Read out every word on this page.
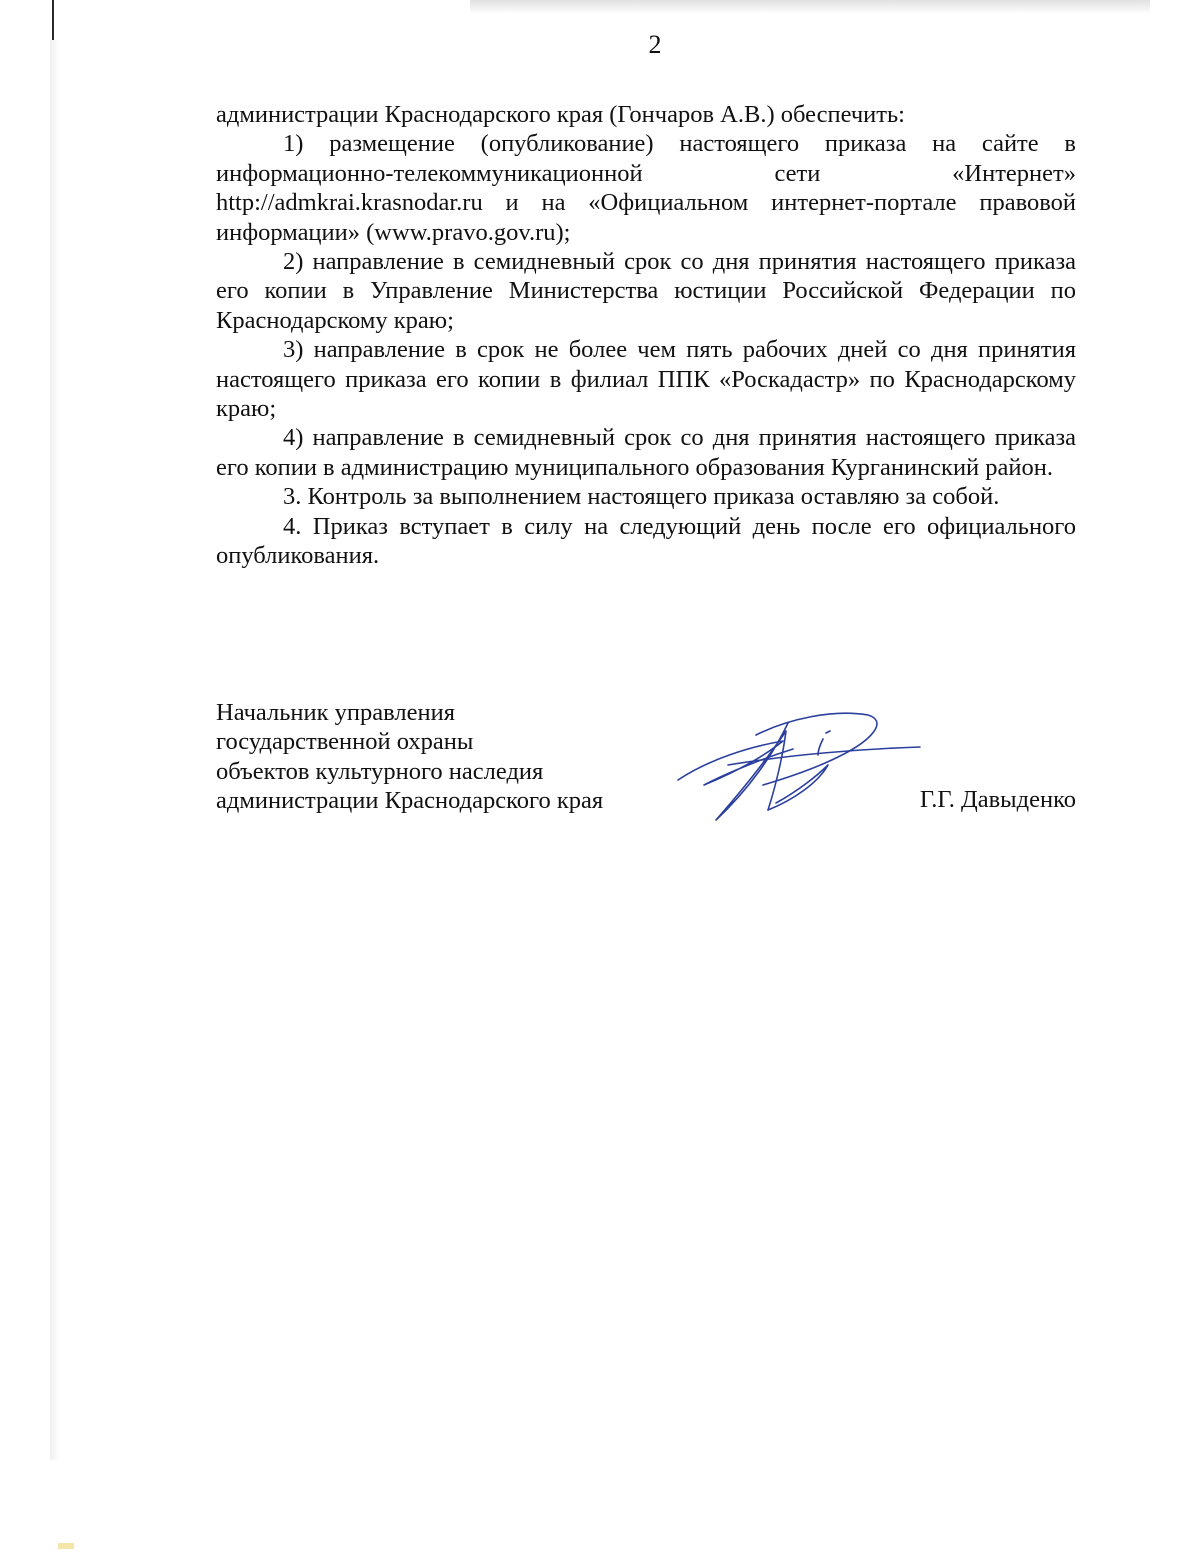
2

администрации Краснодарского края (Гончаров А.В.) обеспечить:

1) размещение (опубликование) настоящего приказа на сайте в информационно-телекоммуникационной сети «Интернет» http://admkrai.krasnodar.ru и на «Официальном интернет-портале правовой информации» (www.pravo.gov.ru);

2) направление в семидневный срок со дня принятия настоящего приказа его копии в Управление Министерства юстиции Российской Федерации по Краснодарскому краю;

3) направление в срок не более чем пять рабочих дней со дня принятия настоящего приказа его копии в филиал ППК «Роскадастр» по Краснодарскому краю;

4) направление в семидневный срок со дня принятия настоящего приказа его копии в администрацию муниципального образования Курганинский район.

3. Контроль за выполнением настоящего приказа оставляю за собой.

4. Приказ вступает в силу на следующий день после его официального опубликования.

Начальник управления
государственной охраны
объектов культурного наследия
администрации Краснодарского края	Г.Г. Давыденко
